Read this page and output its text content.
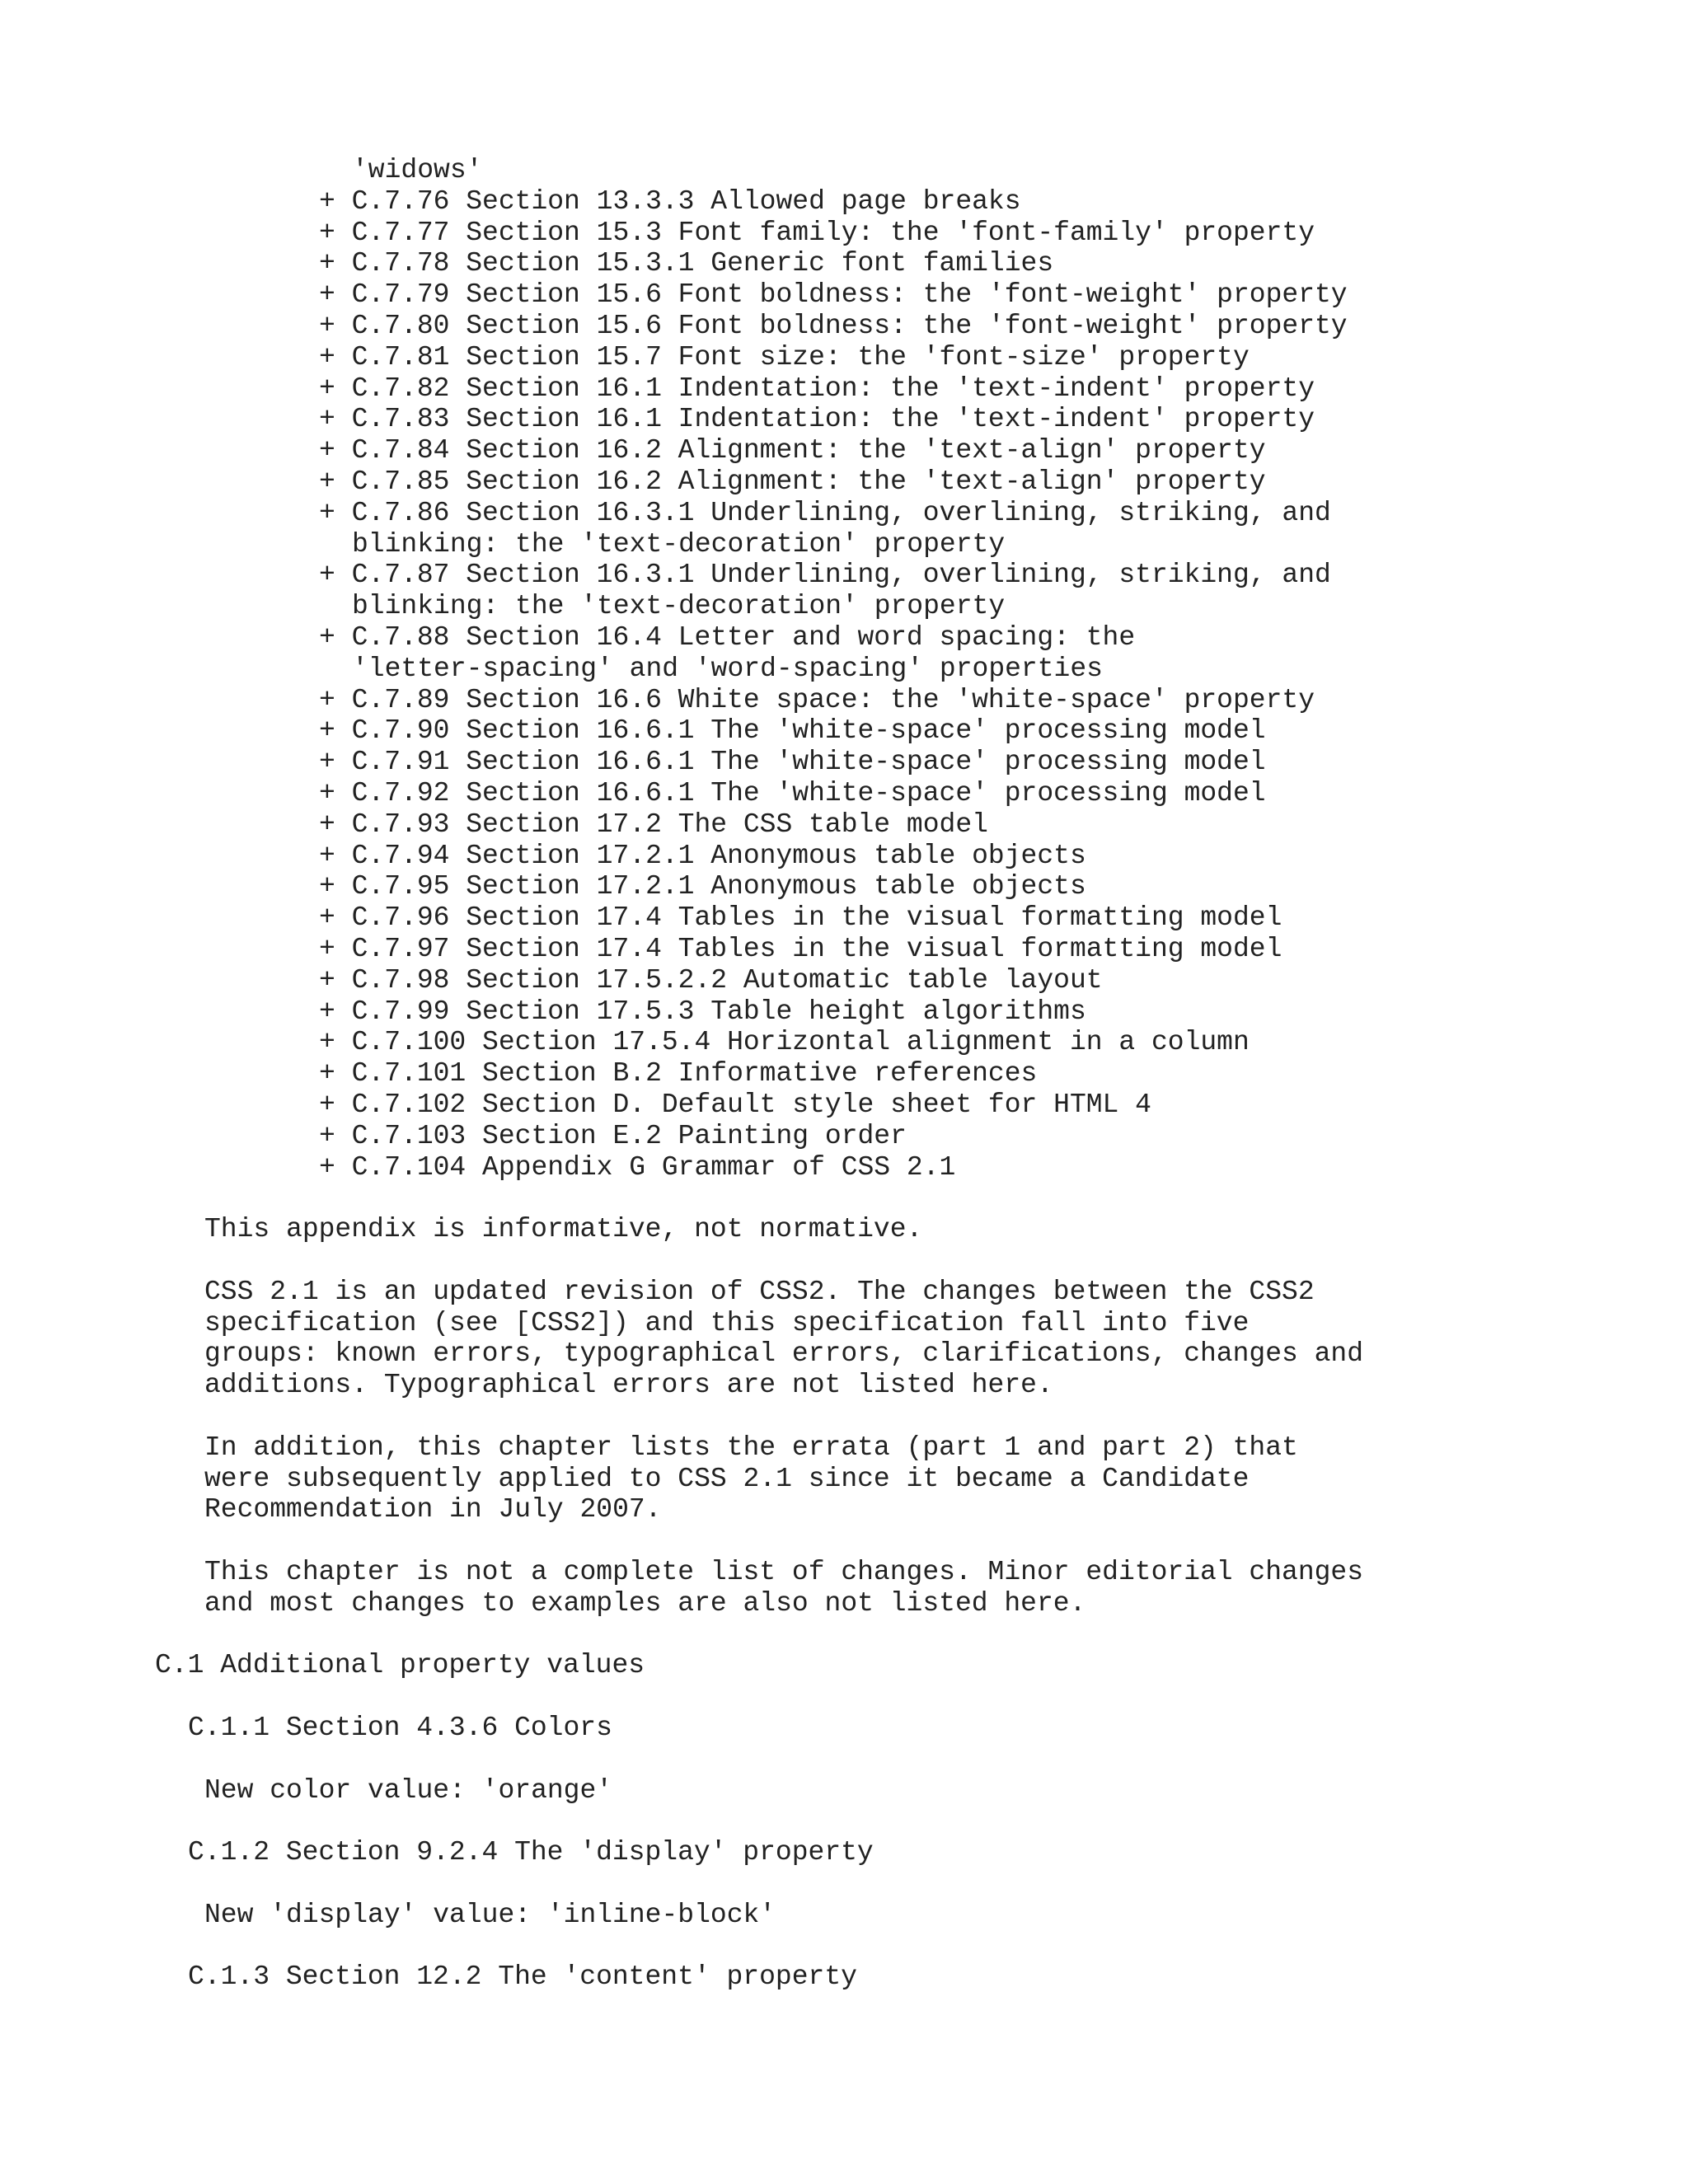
'widows'
+ C.7.76 Section 13.3.3 Allowed page breaks
+ C.7.77 Section 15.3 Font family: the 'font-family' property
+ C.7.78 Section 15.3.1 Generic font families
+ C.7.79 Section 15.6 Font boldness: the 'font-weight' property
+ C.7.80 Section 15.6 Font boldness: the 'font-weight' property
+ C.7.81 Section 15.7 Font size: the 'font-size' property
+ C.7.82 Section 16.1 Indentation: the 'text-indent' property
+ C.7.83 Section 16.1 Indentation: the 'text-indent' property
+ C.7.84 Section 16.2 Alignment: the 'text-align' property
+ C.7.85 Section 16.2 Alignment: the 'text-align' property
+ C.7.86 Section 16.3.1 Underlining, overlining, striking, and
blinking: the 'text-decoration' property
+ C.7.87 Section 16.3.1 Underlining, overlining, striking, and
blinking: the 'text-decoration' property
+ C.7.88 Section 16.4 Letter and word spacing: the
'letter-spacing' and 'word-spacing' properties
+ C.7.89 Section 16.6 White space: the 'white-space' property
+ C.7.90 Section 16.6.1 The 'white-space' processing model
+ C.7.91 Section 16.6.1 The 'white-space' processing model
+ C.7.92 Section 16.6.1 The 'white-space' processing model
+ C.7.93 Section 17.2 The CSS table model
+ C.7.94 Section 17.2.1 Anonymous table objects
+ C.7.95 Section 17.2.1 Anonymous table objects
+ C.7.96 Section 17.4 Tables in the visual formatting model
+ C.7.97 Section 17.4 Tables in the visual formatting model
+ C.7.98 Section 17.5.2.2 Automatic table layout
+ C.7.99 Section 17.5.3 Table height algorithms
+ C.7.100 Section 17.5.4 Horizontal alignment in a column
+ C.7.101 Section B.2 Informative references
+ C.7.102 Section D. Default style sheet for HTML 4
+ C.7.103 Section E.2 Painting order
+ C.7.104 Appendix G Grammar of CSS 2.1
This appendix is informative, not normative.
CSS 2.1 is an updated revision of CSS2. The changes between the CSS2
specification (see [CSS2]) and this specification fall into five
groups: known errors, typographical errors, clarifications, changes and
additions. Typographical errors are not listed here.
In addition, this chapter lists the errata (part 1 and part 2) that
were subsequently applied to CSS 2.1 since it became a Candidate
Recommendation in July 2007.
This chapter is not a complete list of changes. Minor editorial changes
and most changes to examples are also not listed here.
C.1 Additional property values
C.1.1 Section 4.3.6 Colors
New color value: 'orange'
C.1.2 Section 9.2.4 The 'display' property
New 'display' value: 'inline-block'
C.1.3 Section 12.2 The 'content' property
